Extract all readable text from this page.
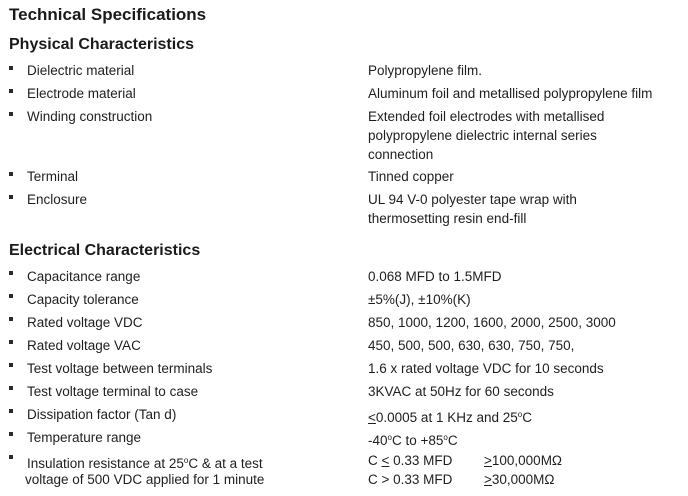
Technical Specifications
Physical Characteristics
Dielectric material	Polypropylene film.
Electrode material	Aluminum foil and metallised polypropylene film
Winding construction	Extended foil electrodes with metallised
polypropylene dielectric internal series
connection
Terminal	Tinned copper
Enclosure	UL 94 V-0 polyester tape wrap with
thermosetting resin end-fill
Electrical Characteristics
Capacitance range	0.068 MFD to 1.5MFD
Capacity tolerance	±5%(J), ±10%(K)
Rated voltage VDC	850, 1000, 1200, 1600, 2000, 2500, 3000
Rated voltage VAC	450, 500, 500, 630, 630, 750, 750,
Test voltage between terminals	1.6 x rated voltage VDC for 10 seconds
Test voltage terminal to case	3KVAC at 50Hz for 60 seconds
Dissipation factor (Tan d)	≤0.0005 at 1 KHz and 25$^o$C
Temperature range	-40$^o$C to $+85^oC$
Insulation resistance at 25$^o$C & at a test
voltage of 500 VDC applied for 1 minute
C ≤ 0.33 MFD ≥100,000MΩ
C > 0.33 MFD ≥30,000MΩ
